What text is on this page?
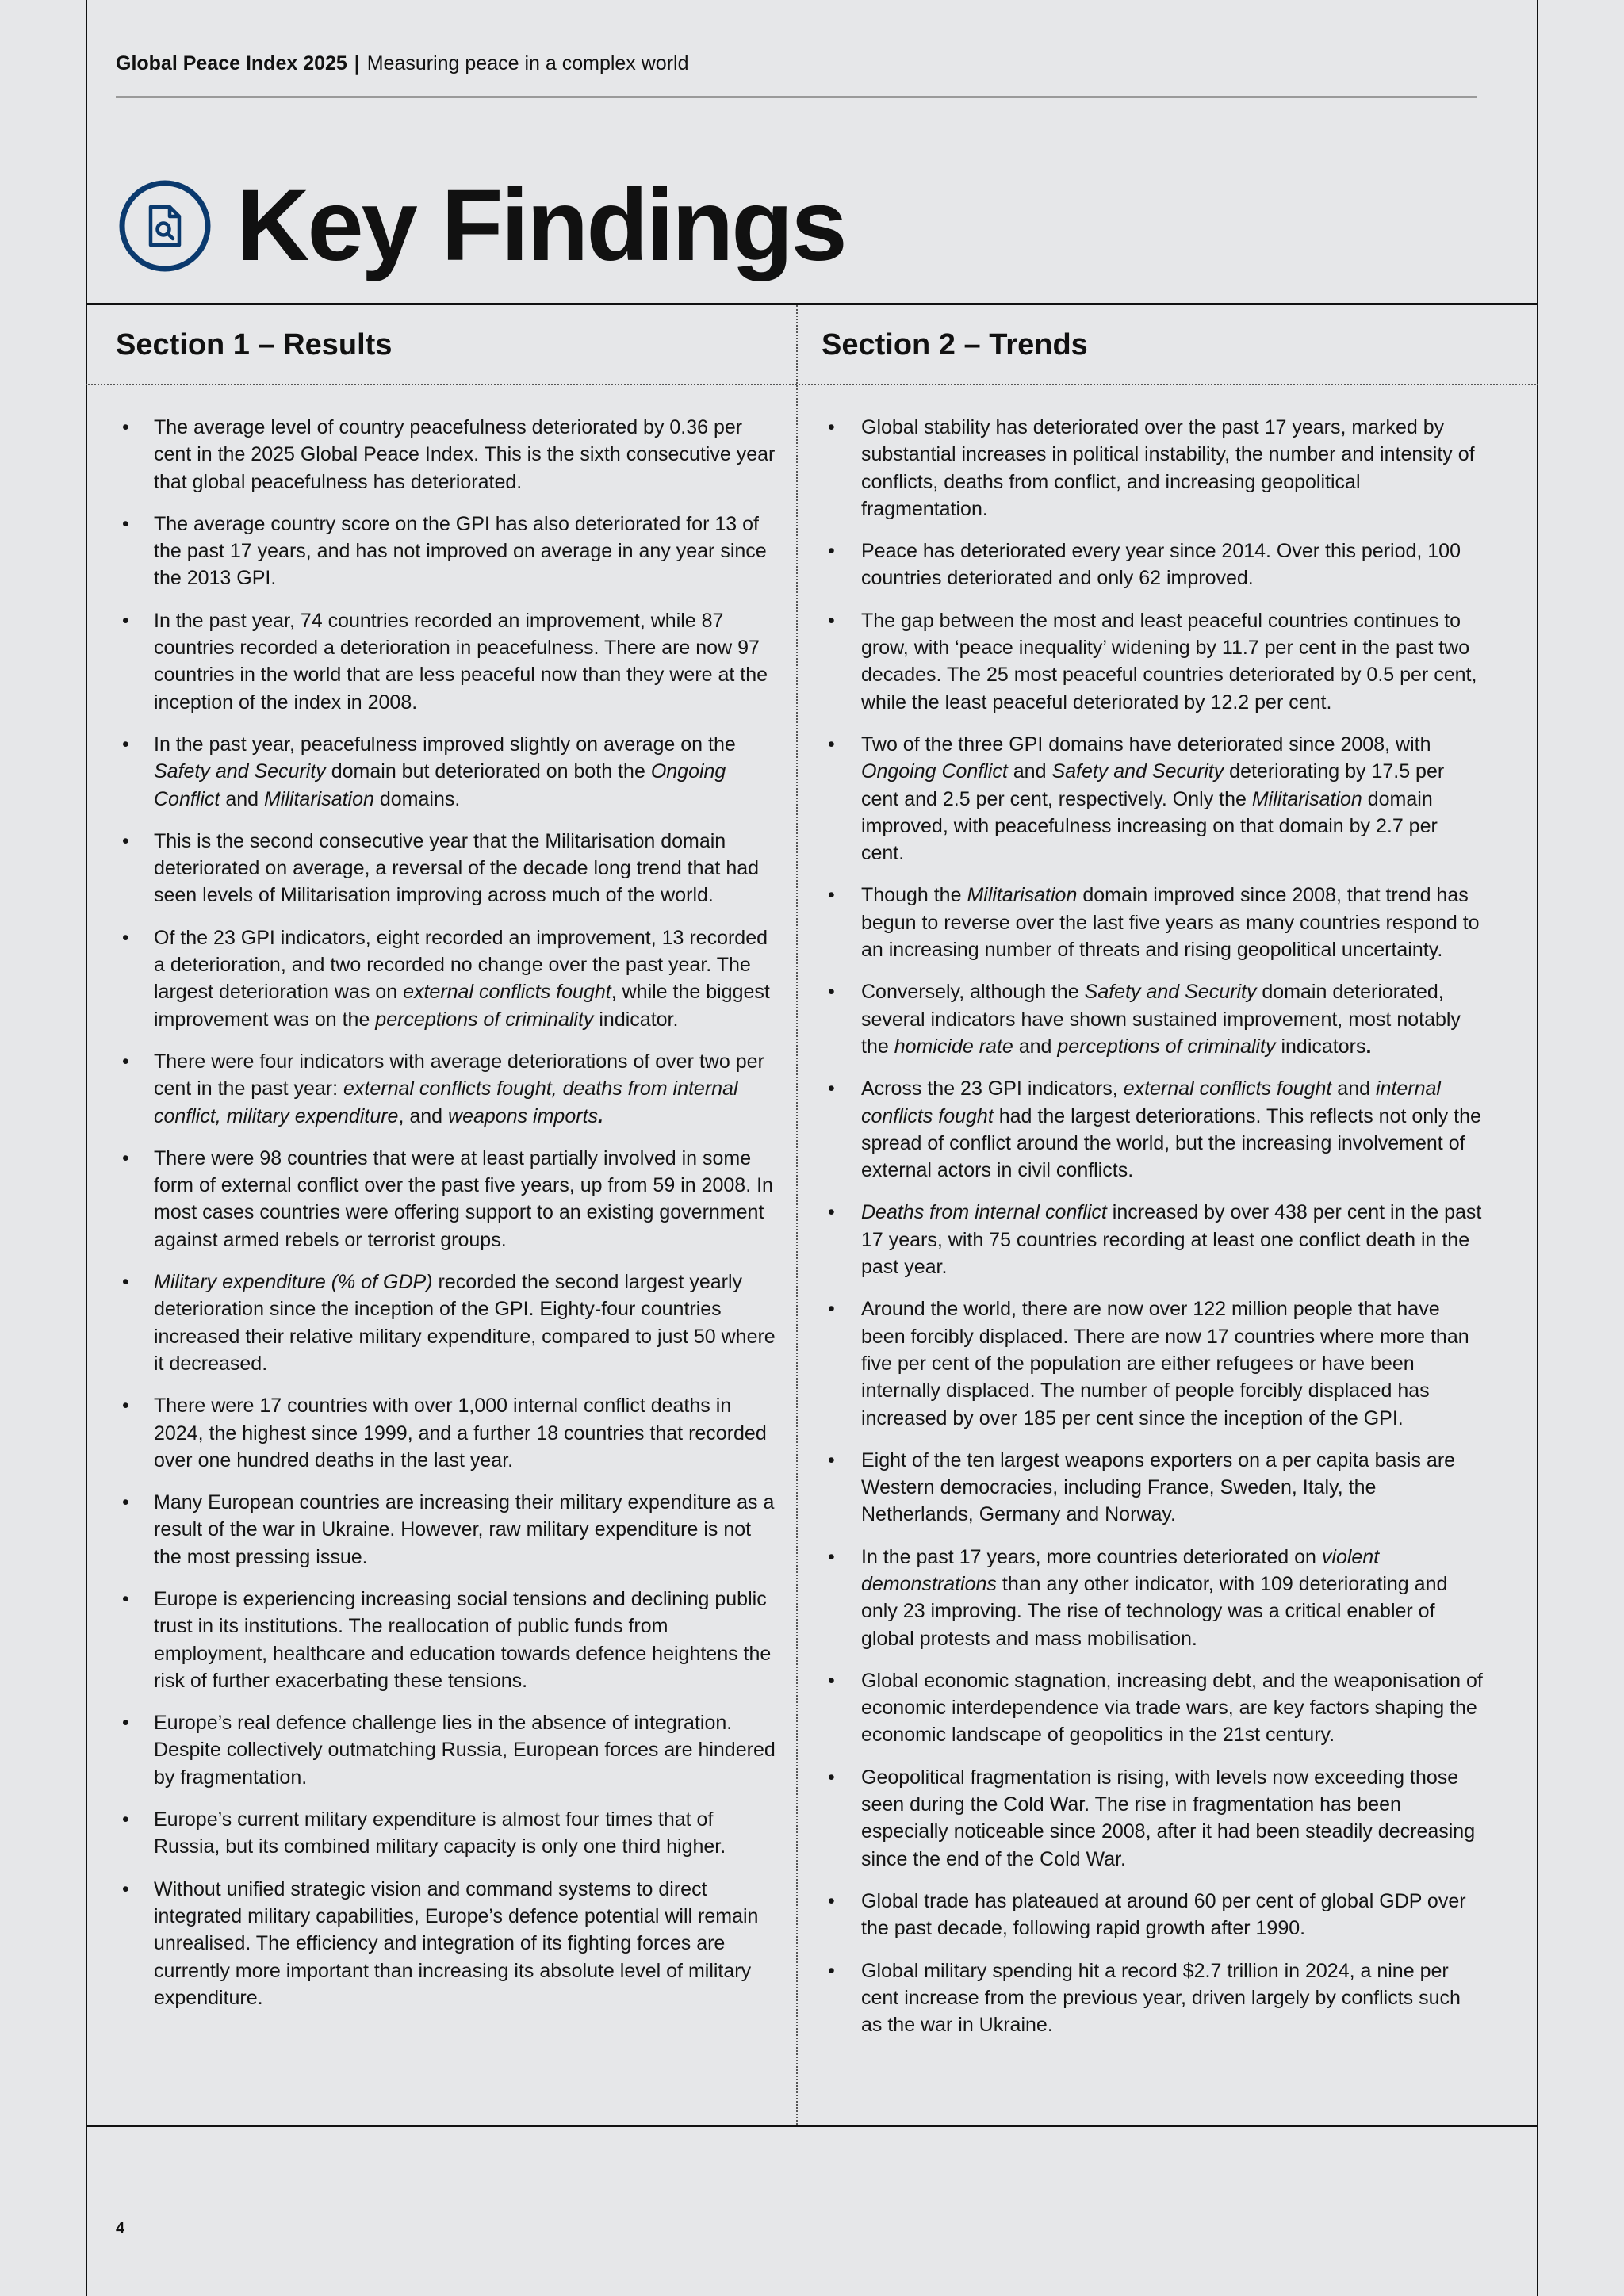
Global Peace Index 2025 | Measuring peace in a complex world
Key Findings
Section 1 – Results	Section 2 – Trends
• The average level of country peacefulness deteriorated by 0.36 per cent in the 2025 Global Peace Index. This is the sixth consecutive year that global peacefulness has deteriorated.
• The average country score on the GPI has also deteriorated for 13 of the past 17 years, and has not improved on average in any year since the 2013 GPI.
• In the past year, 74 countries recorded an improvement, while 87 countries recorded a deterioration in peacefulness. There are now 97 countries in the world that are less peaceful now than they were at the inception of the index in 2008.
• In the past year, peacefulness improved slightly on average on the Safety and Security domain but deteriorated on both the Ongoing Conflict and Militarisation domains.
• This is the second consecutive year that the Militarisation domain deteriorated on average, a reversal of the decade long trend that had seen levels of Militarisation improving across much of the world.
• Of the 23 GPI indicators, eight recorded an improvement, 13 recorded a deterioration, and two recorded no change over the past year. The largest deterioration was on external conflicts fought, while the biggest improvement was on the perceptions of criminality indicator.
• There were four indicators with average deteriorations of over two per cent in the past year: external conflicts fought, deaths from internal conflict, military expenditure, and weapons imports.
• There were 98 countries that were at least partially involved in some form of external conflict over the past five years, up from 59 in 2008. In most cases countries were offering support to an existing government against armed rebels or terrorist groups.
• Military expenditure (% of GDP) recorded the second largest yearly deterioration since the inception of the GPI. Eighty-four countries increased their relative military expenditure, compared to just 50 where it decreased.
• There were 17 countries with over 1,000 internal conflict deaths in 2024, the highest since 1999, and a further 18 countries that recorded over one hundred deaths in the last year.
• Many European countries are increasing their military expenditure as a result of the war in Ukraine. However, raw military expenditure is not the most pressing issue.
• Europe is experiencing increasing social tensions and declining public trust in its institutions. The reallocation of public funds from employment, healthcare and education towards defence heightens the risk of further exacerbating these tensions.
• Europe’s real defence challenge lies in the absence of integration. Despite collectively outmatching Russia, European forces are hindered by fragmentation.
• Europe’s current military expenditure is almost four times that of Russia, but its combined military capacity is only one third higher.
• Without unified strategic vision and command systems to direct integrated military capabilities, Europe’s defence potential will remain unrealised. The efficiency and integration of its fighting forces are currently more important than increasing its absolute level of military expenditure.
• Global stability has deteriorated over the past 17 years, marked by substantial increases in political instability, the number and intensity of conflicts, deaths from conflict, and increasing geopolitical fragmentation.
• Peace has deteriorated every year since 2014. Over this period, 100 countries deteriorated and only 62 improved.
• The gap between the most and least peaceful countries continues to grow, with ‘peace inequality’ widening by 11.7 per cent in the past two decades. The 25 most peaceful countries deteriorated by 0.5 per cent, while the least peaceful deteriorated by 12.2 per cent.
• Two of the three GPI domains have deteriorated since 2008, with Ongoing Conflict and Safety and Security deteriorating by 17.5 per cent and 2.5 per cent, respectively. Only the Militarisation domain improved, with peacefulness increasing on that domain by 2.7 per cent.
• Though the Militarisation domain improved since 2008, that trend has begun to reverse over the last five years as many countries respond to an increasing number of threats and rising geopolitical uncertainty.
• Conversely, although the Safety and Security domain deteriorated, several indicators have shown sustained improvement, most notably the homicide rate and perceptions of criminality indicators.
• Across the 23 GPI indicators, external conflicts fought and internal conflicts fought had the largest deteriorations. This reflects not only the spread of conflict around the world, but the increasing involvement of external actors in civil conflicts.
• Deaths from internal conflict increased by over 438 per cent in the past 17 years, with 75 countries recording at least one conflict death in the past year.
• Around the world, there are now over 122 million people that have been forcibly displaced. There are now 17 countries where more than five per cent of the population are either refugees or have been internally displaced. The number of people forcibly displaced has increased by over 185 per cent since the inception of the GPI.
• Eight of the ten largest weapons exporters on a per capita basis are Western democracies, including France, Sweden, Italy, the Netherlands, Germany and Norway.
• In the past 17 years, more countries deteriorated on violent demonstrations than any other indicator, with 109 deteriorating and only 23 improving. The rise of technology was a critical enabler of global protests and mass mobilisation.
• Global economic stagnation, increasing debt, and the weaponisation of economic interdependence via trade wars, are key factors shaping the economic landscape of geopolitics in the 21st century.
• Geopolitical fragmentation is rising, with levels now exceeding those seen during the Cold War. The rise in fragmentation has been especially noticeable since 2008, after it had been steadily decreasing since the end of the Cold War.
• Global trade has plateaued at around 60 per cent of global GDP over the past decade, following rapid growth after 1990.
• Global military spending hit a record $2.7 trillion in 2024, a nine per cent increase from the previous year, driven largely by conflicts such as the war in Ukraine.
4
